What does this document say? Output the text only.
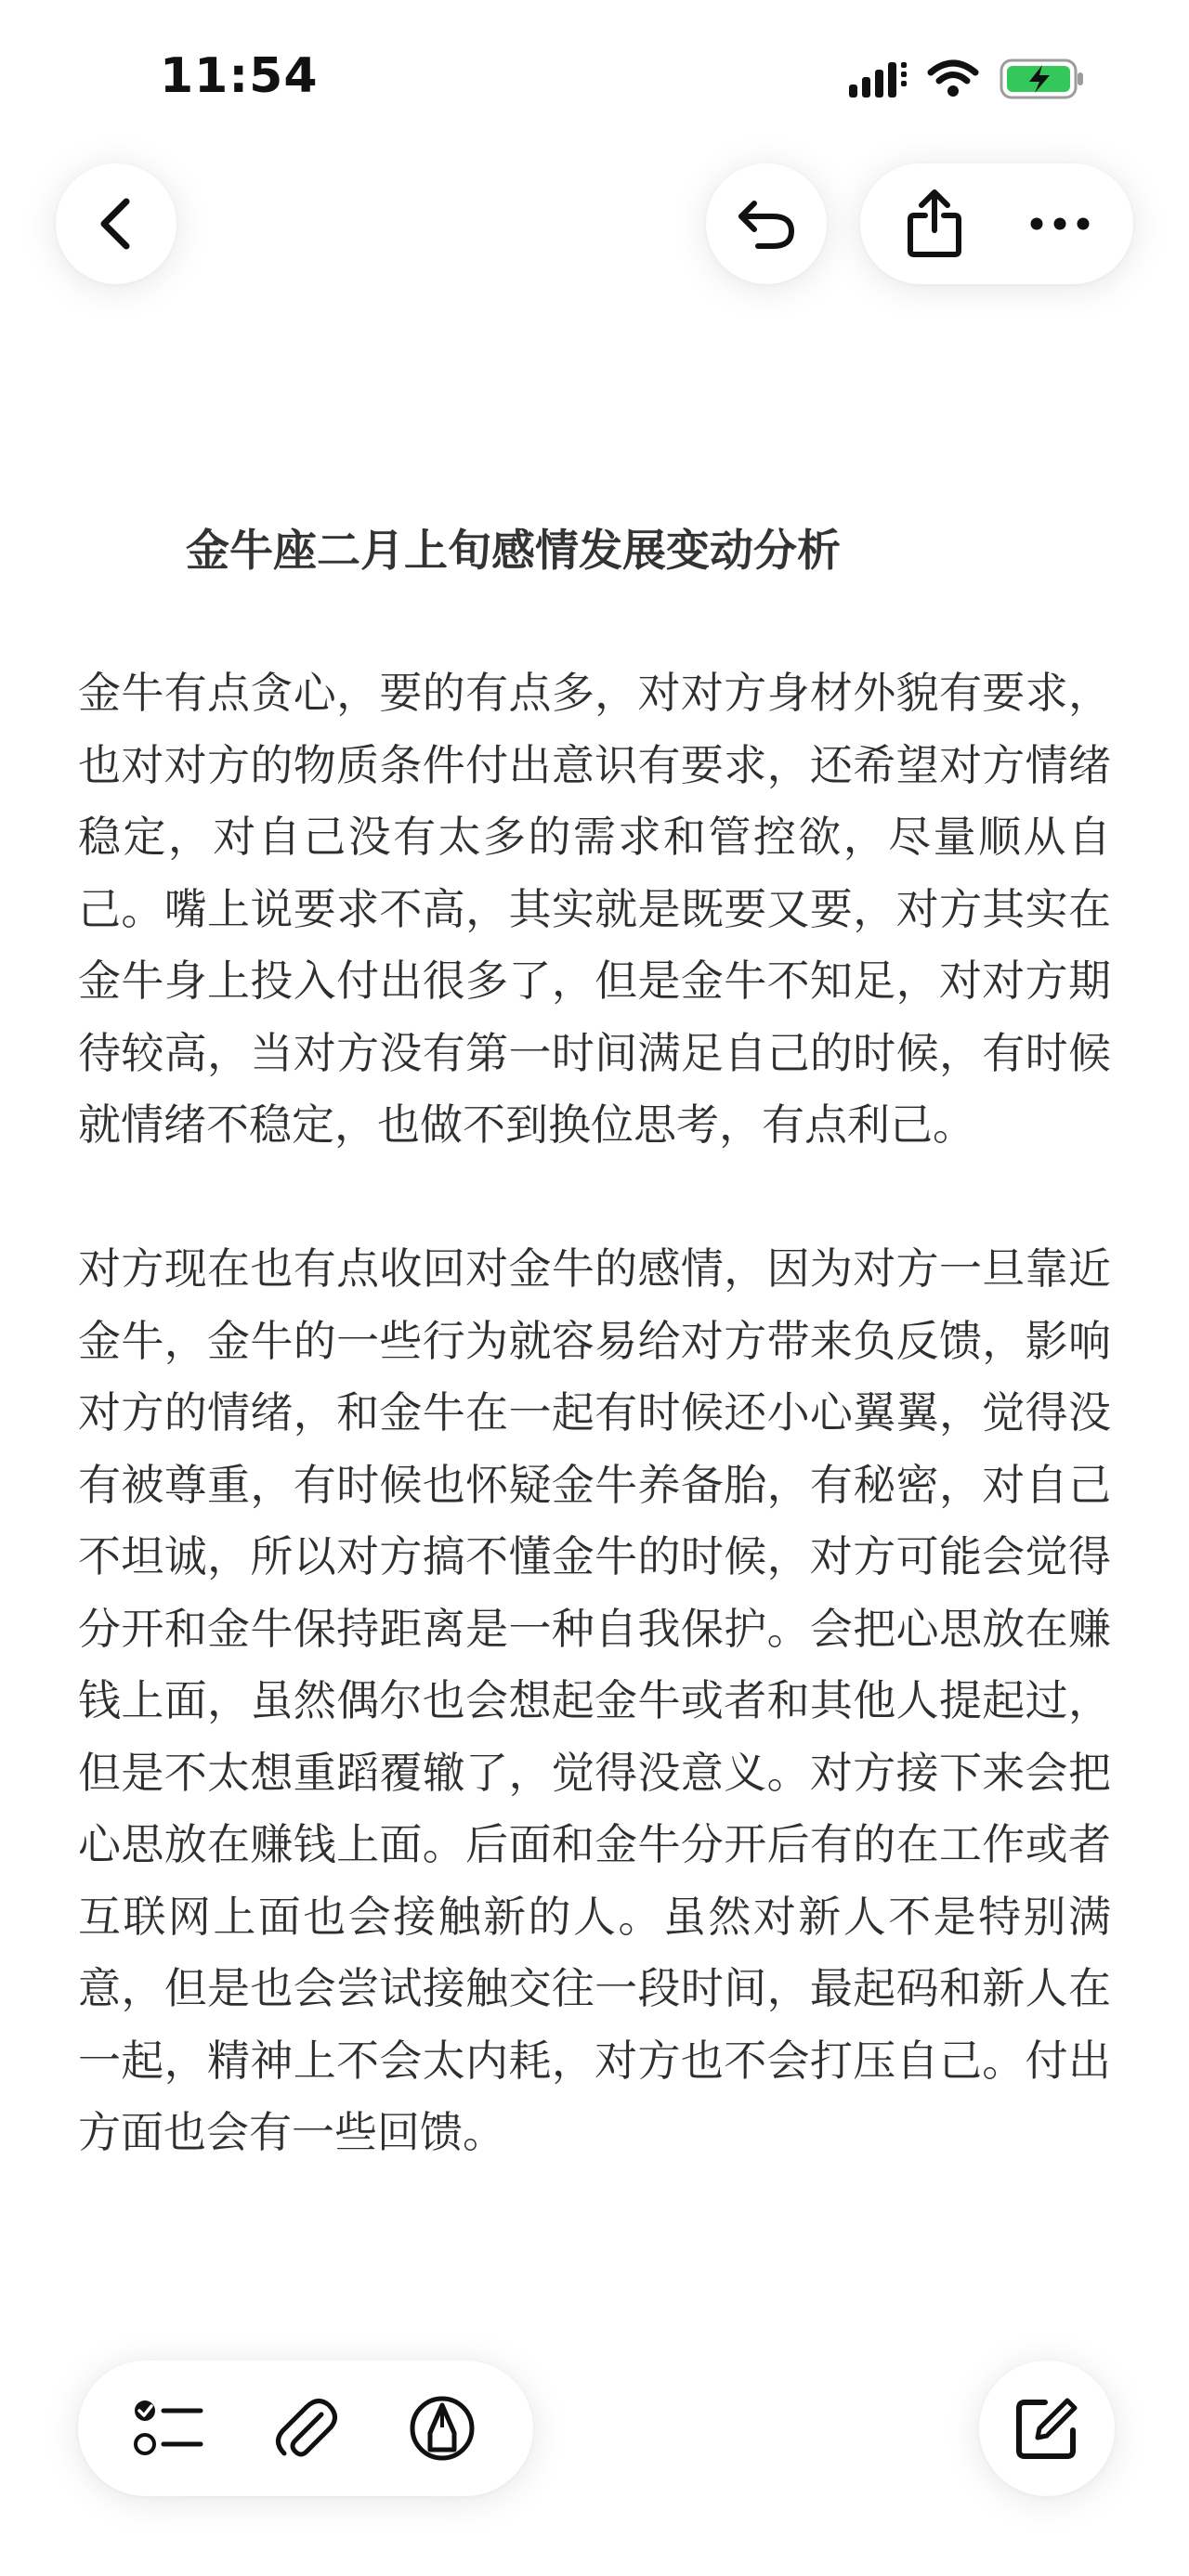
11:54
金牛座二月上旬感情发展变动分析

金牛有点贪心，要的有点多，对对方身材外貌有要求，也对对方的物质条件付出意识有要求，还希望对方情绪稳定，对自己没有太多的需求和管控欲，尽量顺从自己。嘴上说要求不高，其实就是既要又要，对方其实在金牛身上投入付出很多了，但是金牛不知足，对对方期待较高，当对方没有第一时间满足自己的时候，有时候就情绪不稳定，也做不到换位思考，有点利己。

对方现在也有点收回对金牛的感情，因为对方一旦靠近金牛，金牛的一些行为就容易给对方带来负反馈，影响对方的情绪，和金牛在一起有时候还小心翼翼，觉得没有被尊重，有时候也怀疑金牛养备胎，有秘密，对自己不坦诚，所以对方搞不懂金牛的时候，对方可能会觉得分开和金牛保持距离是一种自我保护。会把心思放在赚钱上面，虽然偶尔也会想起金牛或者和其他人提起过，但是不太想重蹈覆辙了，觉得没意义。对方接下来会把心思放在赚钱上面。后面和金牛分开后有的在工作或者互联网上面也会接触新的人。虽然对新人不是特别满意，但是也会尝试接触交往一段时间，最起码和新人在一起，精神上不会太内耗，对方也不会打压自己。付出方面也会有一些回馈。
